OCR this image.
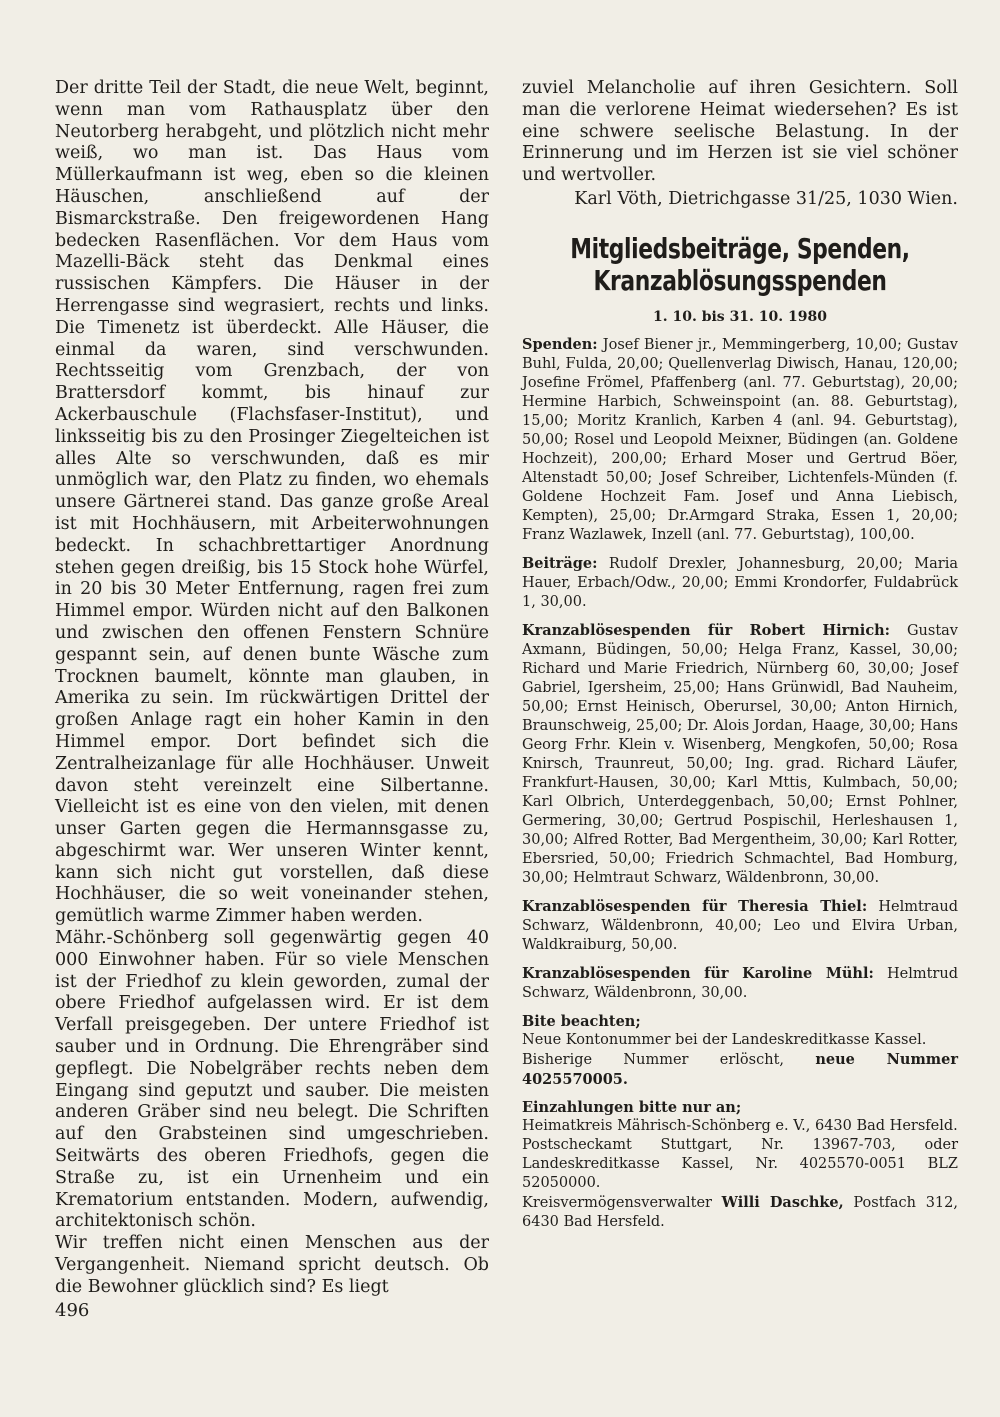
Der dritte Teil der Stadt, die neue Welt, beginnt, wenn man vom Rathausplatz über den Neutorberg herabgeht, und plötzlich nicht mehr weiß, wo man ist. Das Haus vom Müllerkaufmann ist weg, eben so die kleinen Häuschen, anschließend auf der Bismarckstraße. Den freigewordenen Hang bedecken Rasenflächen. Vor dem Haus vom Mazelli-Bäck steht das Denkmal eines russischen Kämpfers. Die Häuser in der Herrengasse sind wegrasiert, rechts und links. Die Timenetz ist überdeckt. Alle Häuser, die einmal da waren, sind verschwunden. Rechtsseitig vom Grenzbach, der von Brattersdorf kommt, bis hinauf zur Ackerbauschule (Flachsfaser-Institut), und linksseitig bis zu den Prosinger Ziegelteichen ist alles Alte so verschwunden, daß es mir unmöglich war, den Platz zu finden, wo ehemals unsere Gärtnerei stand. Das ganze große Areal ist mit Hochhäusern, mit Arbeiterwohnungen bedeckt. In schachbrettartiger Anordnung stehen gegen dreißig, bis 15 Stock hohe Würfel, in 20 bis 30 Meter Entfernung, ragen frei zum Himmel empor. Würden nicht auf den Balkonen und zwischen den offenen Fenstern Schnüre gespannt sein, auf denen bunte Wäsche zum Trocknen baumelt, könnte man glauben, in Amerika zu sein. Im rückwärtigen Drittel der großen Anlage ragt ein hoher Kamin in den Himmel empor. Dort befindet sich die Zentralheizanlage für alle Hochhäuser. Unweit davon steht vereinzelt eine Silbertanne. Vielleicht ist es eine von den vielen, mit denen unser Garten gegen die Hermannsgasse zu, abgeschirmt war. Wer unseren Winter kennt, kann sich nicht gut vorstellen, daß diese Hochhäuser, die so weit voneinander stehen, gemütlich warme Zimmer haben werden.

Mähr.-Schönberg soll gegenwärtig gegen 40 000 Einwohner haben. Für so viele Menschen ist der Friedhof zu klein geworden, zumal der obere Friedhof aufgelassen wird. Er ist dem Verfall preisgegeben. Der untere Friedhof ist sauber und in Ordnung. Die Ehrengräber sind gepflegt. Die Nobelgräber rechts neben dem Eingang sind geputzt und sauber. Die meisten anderen Gräber sind neu belegt. Die Schriften auf den Grabsteinen sind umgeschrieben. Seitwärts des oberen Friedhofs, gegen die Straße zu, ist ein Urnenheim und ein Krematorium entstanden. Modern, aufwendig, architektonisch schön.

Wir treffen nicht einen Menschen aus der Vergangenheit. Niemand spricht deutsch. Ob die Bewohner glücklich sind? Es liegt

zuviel Melancholie auf ihren Gesichtern. Soll man die verlorene Heimat wiedersehen? Es ist eine schwere seelische Belastung. In der Erinnerung und im Herzen ist sie viel schöner und wertvoller.

Karl Vöth, Dietrichgasse 31/25, 1030 Wien.

Mitgliedsbeiträge, Spenden,
Kranzablösungsspenden
1. 10. bis 31. 10. 1980

Spenden: Josef Biener jr., Memmingerberg, 10,00; Gustav Buhl, Fulda, 20,00; Quellenverlag Diwisch, Hanau, 120,00; Josefine Frömel, Pfaffenberg (anl. 77. Geburtstag), 20,00; Hermine Harbich, Schweinspoint (an. 88. Geburtstag), 15,00; Moritz Kranlich, Karben 4 (anl. 94. Geburtstag), 50,00; Rosel und Leopold Meixner, Büdingen (an. Goldene Hochzeit), 200,00; Erhard Moser und Gertrud Böer, Altenstadt 50,00; Josef Schreiber, Lichtenfels-Münden (f. Goldene Hochzeit Fam. Josef und Anna Liebisch, Kempten), 25,00; Dr.Armgard Straka, Essen 1, 20,00; Franz Wazlawek, Inzell (anl. 77. Geburtstag), 100,00.

Beiträge: Rudolf Drexler, Johannesburg, 20,00; Maria Hauer, Erbach/Odw., 20,00; Emmi Krondorfer, Fuldabrück 1, 30,00.

Kranzablösespenden für Robert Hirnich: Gustav Axmann, Büdingen, 50,00; Helga Franz, Kassel, 30,00; Richard und Marie Friedrich, Nürnberg 60, 30,00; Josef Gabriel, Igersheim, 25,00; Hans Grünwidl, Bad Nauheim, 50,00; Ernst Heinisch, Oberursel, 30,00; Anton Hirnich, Braunschweig, 25,00; Dr. Alois Jordan, Haage, 30,00; Hans Georg Frhr. Klein v. Wisenberg, Mengkofen, 50,00; Rosa Knirsch, Traunreut, 50,00; Ing. grad. Richard Läufer, Frankfurt-Hausen, 30,00; Karl Mttis, Kulmbach, 50,00; Karl Olbrich, Unterdeggenbach, 50,00; Ernst Pohlner, Germering, 30,00; Gertrud Pospischil, Herleshausen 1, 30,00; Alfred Rotter, Bad Mergentheim, 30,00; Karl Rotter, Ebersried, 50,00; Friedrich Schmachtel, Bad Homburg, 30,00; Helmtraut Schwarz, Wäldenbronn, 30,00.

Kranzablösespenden für Theresia Thiel: Helmtraud Schwarz, Wäldenbronn, 40,00; Leo und Elvira Urban, Waldkraiburg, 50,00.

Kranzablösespenden für Karoline Mühl: Helmtrud Schwarz, Wäldenbronn, 30,00.

Bite beachten;

Neue Kontonummer bei der Landeskreditkasse Kassel.

Bisherige Nummer erlöscht, neue Nummer 4025570005.

Einzahlungen bitte nur an;

Heimatkreis Mährisch-Schönberg e. V., 6430 Bad Hersfeld.

Postscheckamt Stuttgart, Nr. 13967-703, oder Landeskreditkasse Kassel, Nr. 4025570-0051 BLZ 52050000.

Kreisvermögensverwalter Willi Daschke, Postfach 312, 6430 Bad Hersfeld.

496
